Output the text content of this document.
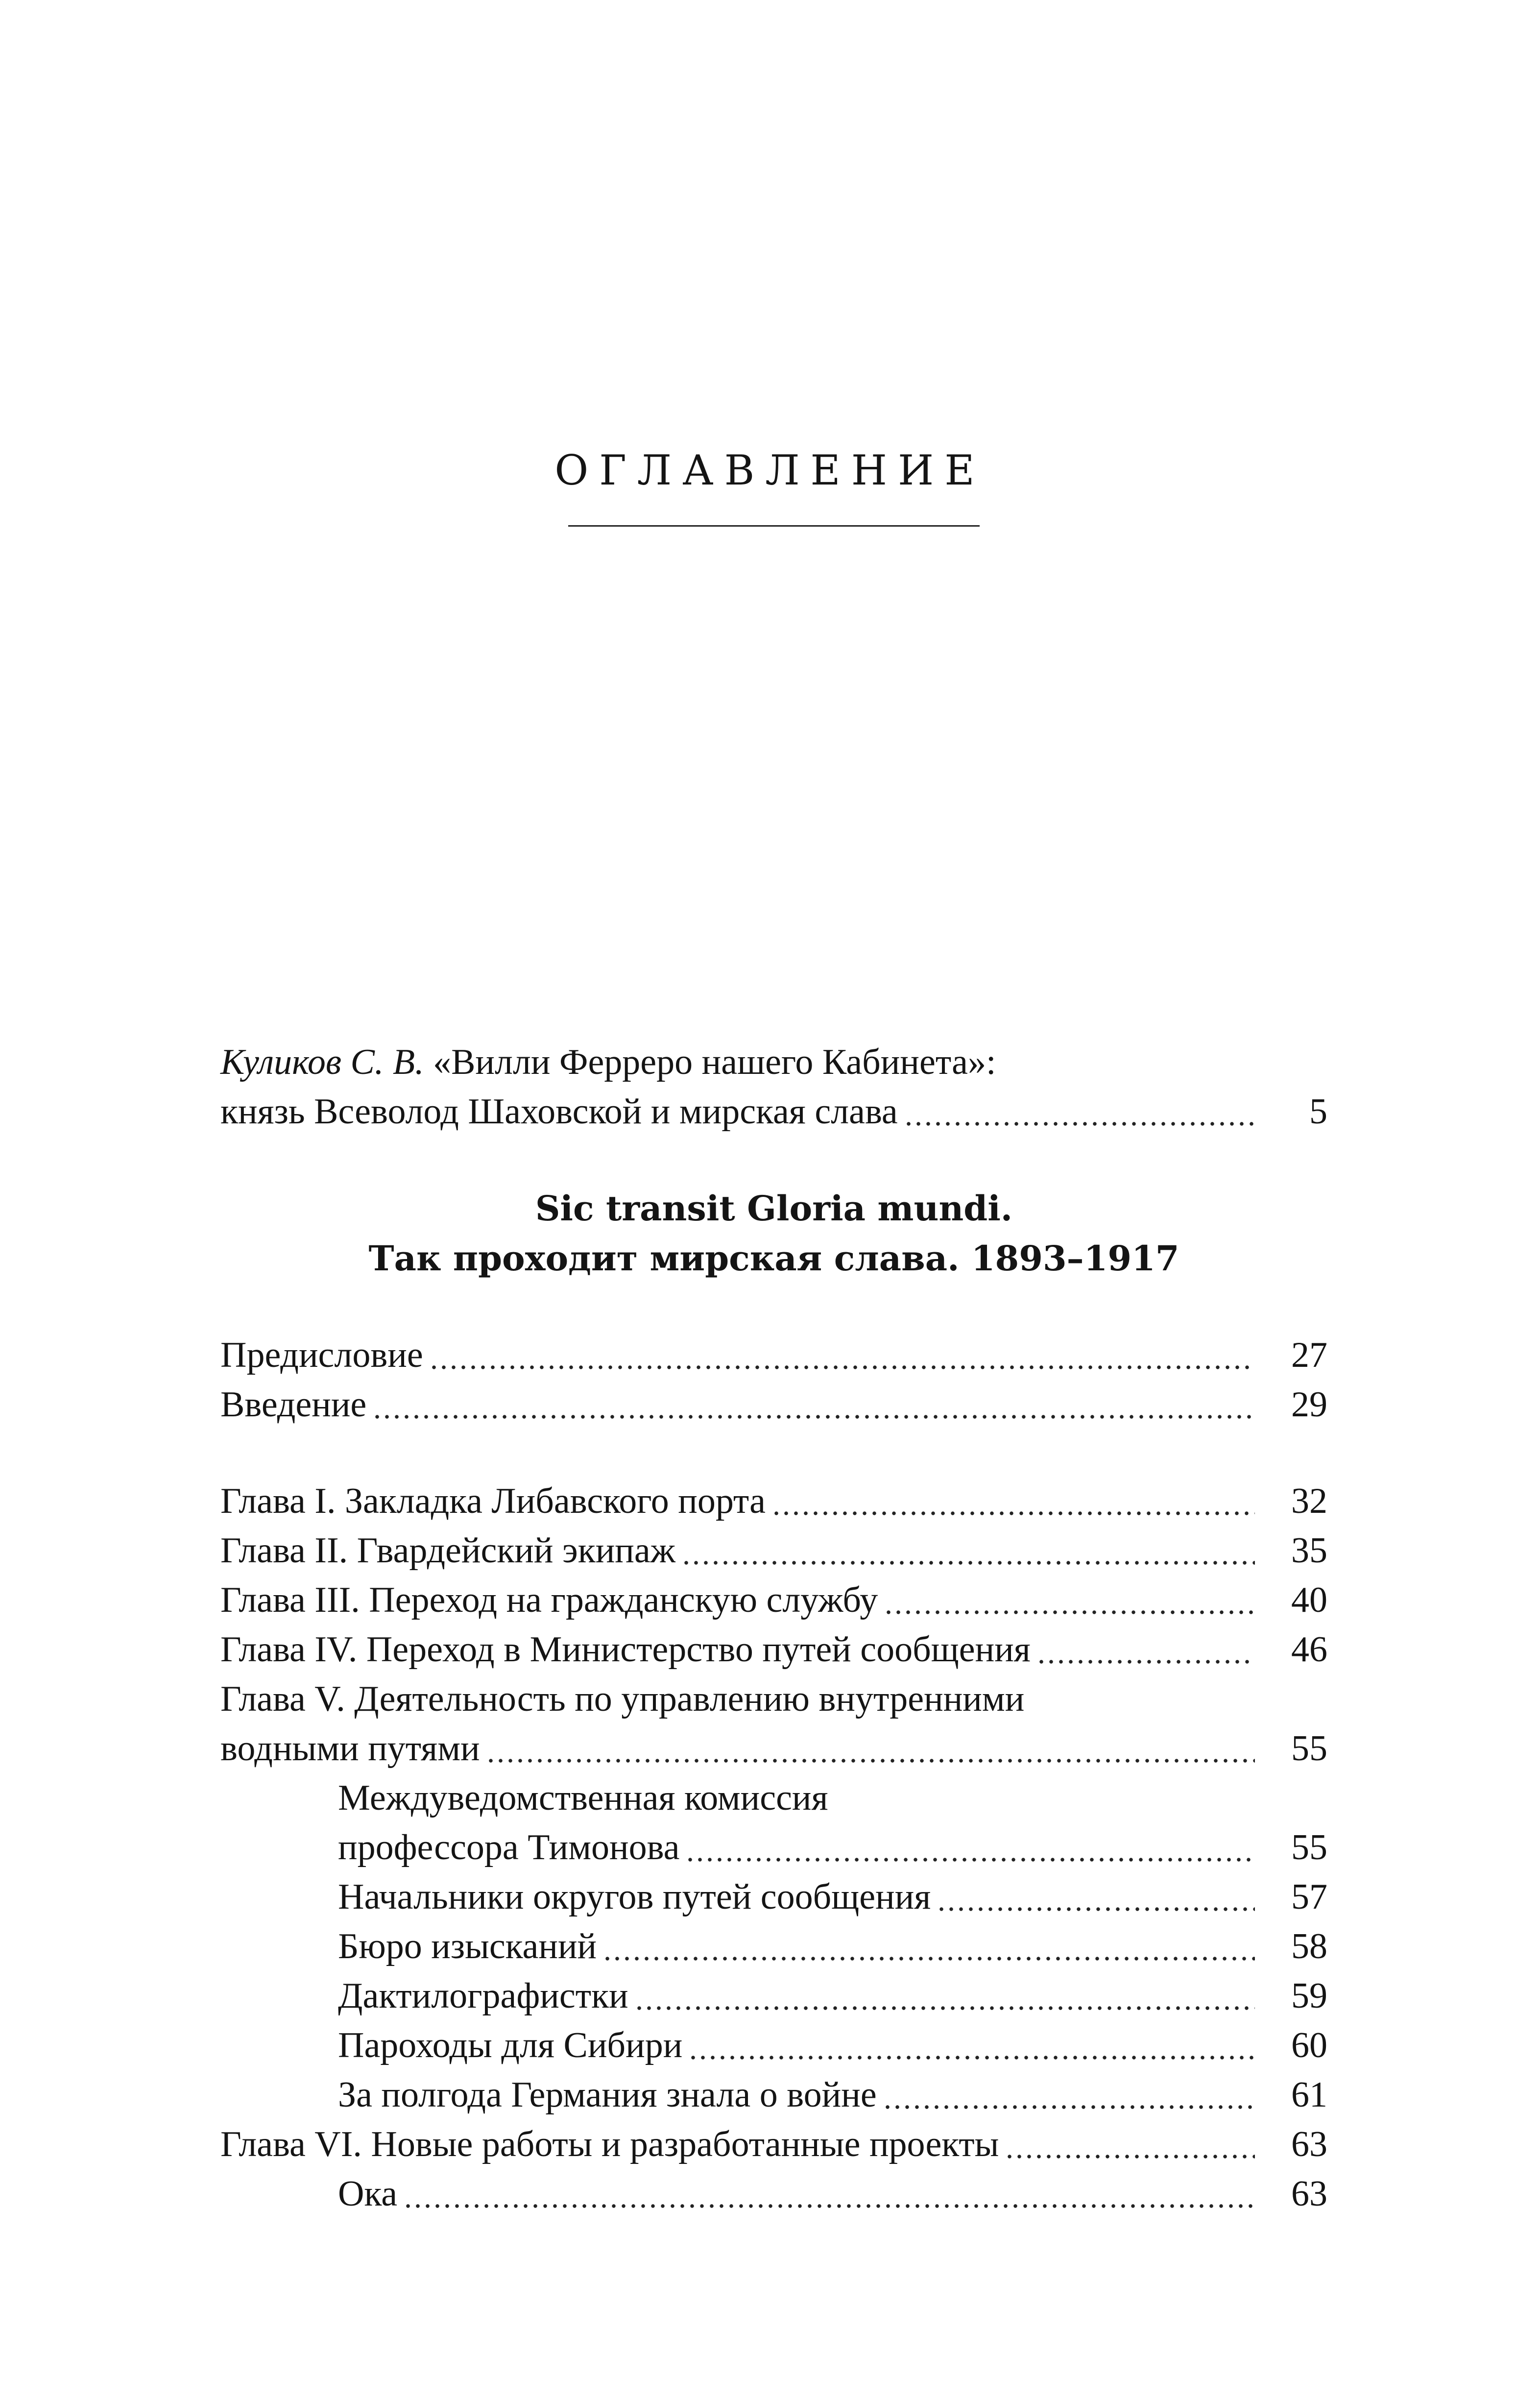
ОГЛАВЛЕНИЕ
Куликов С. В. «Вилли Ферреро нашего Кабинета»:
князь Всеволод Шаховской и мирская слава	5
Sic transit Gloria mundi.
Так проходит мирская слава. 1893–1917
Предисловие	27
Введение	29
Глава I. Закладка Либавского порта	32
Глава II. Гвардейский экипаж	35
Глава III. Переход на гражданскую службу	40
Глава IV. Переход в Министерство путей сообщения	46
Глава V. Деятельность по управлению внутренними
водными путями	55
Междуведомственная комиссия
профессора Тимонова	55
Начальники округов путей сообщения	57
Бюро изысканий	58
Дактилографистки	59
Пароходы для Сибири	60
За полгода Германия знала о войне	61
Глава VI. Новые работы и разработанные проекты	63
Ока	63
